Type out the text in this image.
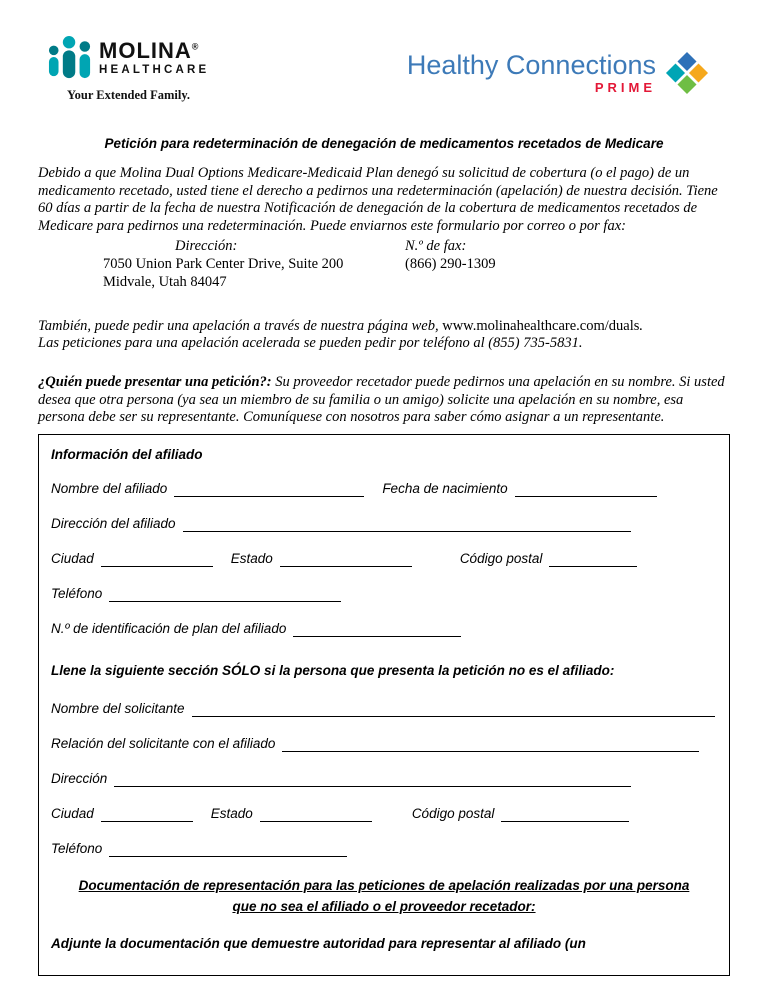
MOLINA®
HEALTHCARE
Your Extended Family.
Healthy Connections
PRIME
Petición para redeterminación de denegación de medicamentos recetados de Medicare

Debido a que Molina Dual Options Medicare-Medicaid Plan denegó su solicitud de cobertura (o el pago) de un medicamento recetado, usted tiene el derecho a pedirnos una redeterminación (apelación) de nuestra decisión. Tiene 60 días a partir de la fecha de nuestra Notificación de denegación de la cobertura de medicamentos recetados de Medicare para pedirnos una redeterminación. Puede enviarnos este formulario por correo o por fax:

Dirección:	N.º de fax:
7050 Union Park Center Drive, Suite 200	(866) 290-1309
Midvale, Utah 84047

También, puede pedir una apelación a través de nuestra página web, www.molinahealthcare.com/duals.
Las peticiones para una apelación acelerada se pueden pedir por teléfono al (855) 735-5831.

¿Quién puede presentar una petición?: Su proveedor recetador puede pedirnos una apelación en su nombre. Si usted desea que otra persona (ya sea un miembro de su familia o un amigo) solicite una apelación en su nombre, esa persona debe ser su representante. Comuníquese con nosotros para saber cómo asignar a un representante.

Información del afiliado
Nombre del afiliado	Fecha de nacimiento
Dirección del afiliado
Ciudad	Estado	Código postal
Teléfono
N.º de identificación de plan del afiliado
Llene la siguiente sección SÓLO si la persona que presenta la petición no es el afiliado:
Nombre del solicitante
Relación del solicitante con el afiliado
Dirección
Ciudad	Estado	Código postal
Teléfono
Documentación de representación para las peticiones de apelación realizadas por una persona que no sea el afiliado o el proveedor recetador:
Adjunte la documentación que demuestre autoridad para representar al afiliado (un
